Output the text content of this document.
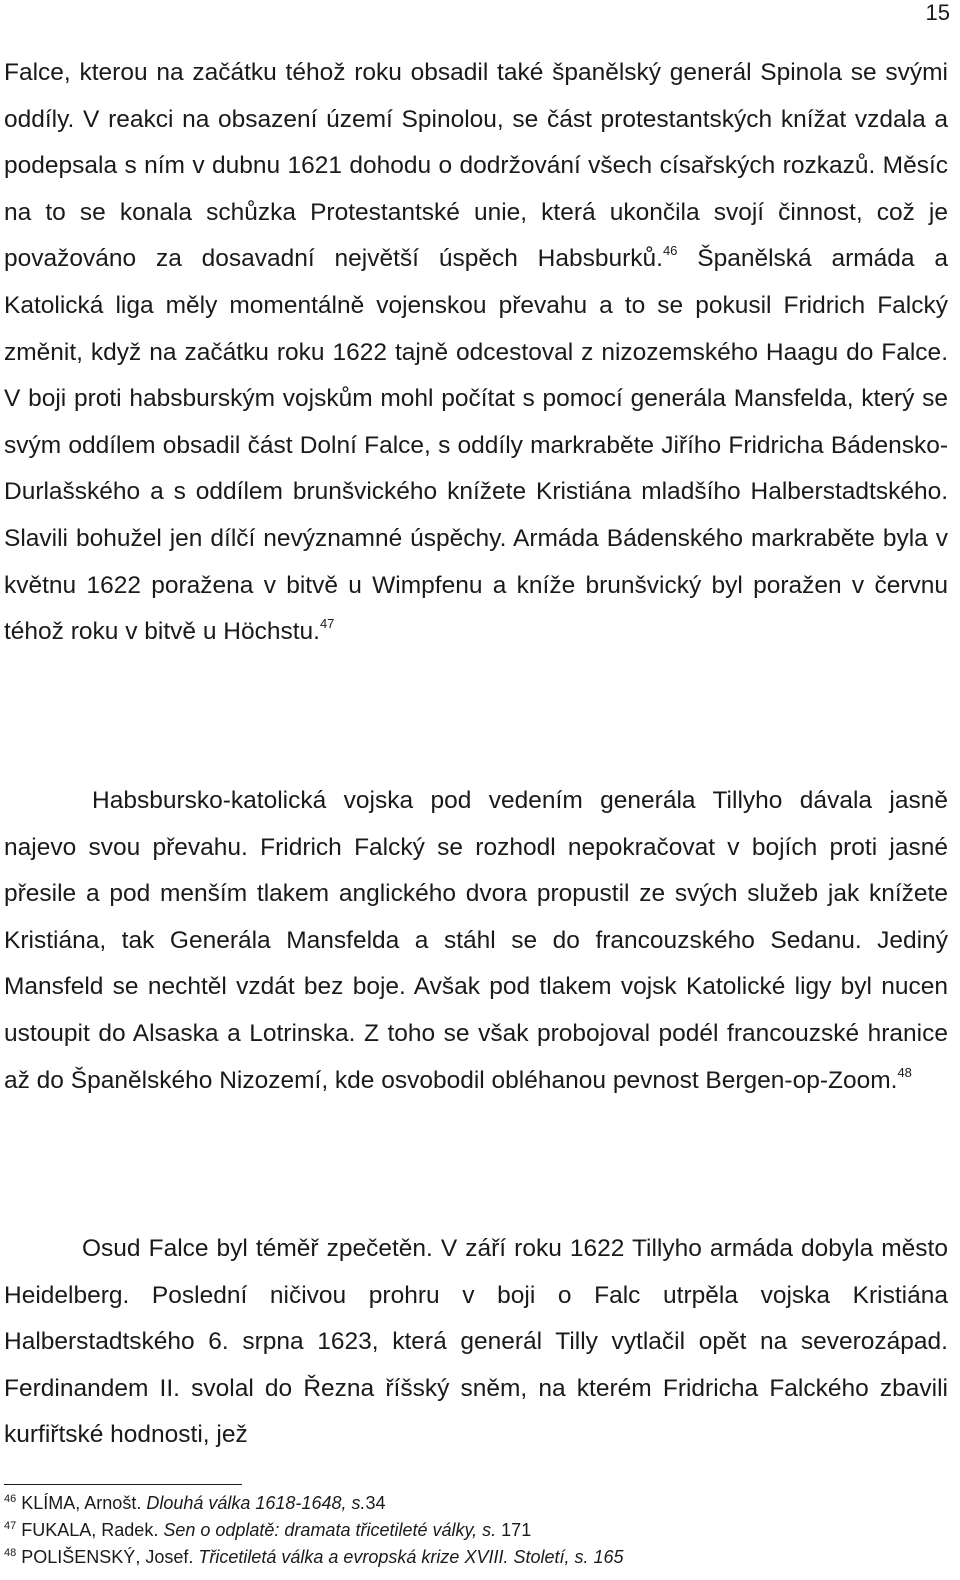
15

Falce, kterou na začátku téhož roku obsadil také španělský generál Spinola se svými oddíly. V reakci na obsazení území Spinolou, se část protestantských knížat vzdala a podepsala s ním v dubnu 1621 dohodu o dodržování všech císařských rozkazů. Měsíc na to se konala schůzka Protestantské unie, která ukončila svojí činnost, což je považováno za dosavadní největší úspěch Habsburků.$^{46}$ Španělská armáda a Katolická liga měly momentálně vojenskou převahu a to se pokusil Fridrich Falcký změnit, když na začátku roku 1622 tajně odcestoval z nizozemského Haagu do Falce. V boji proti habsburským vojskům mohl počítat s pomocí generála Mansfelda, který se svým oddílem obsadil část Dolní Falce, s oddíly markraběte Jiřího Fridricha Bádensko-Durlašského a s oddílem brunšvického knížete Kristiána mladšího Halberstadtského. Slavili bohužel jen dílčí nevýznamné úspěchy. Armáda Bádenského markraběte byla v květnu 1622 poražena v bitvě u Wimpfenu a kníže brunšvický byl poražen v červnu téhož roku v bitvě u Höchstu.$^{47}$

Habsbursko-katolická vojska pod vedením generála Tillyho dávala jasně najevo svou převahu. Fridrich Falcký se rozhodl nepokračovat v bojích proti jasné přesile a pod menším tlakem anglického dvora propustil ze svých služeb jak knížete Kristiána, tak Generála Mansfelda a stáhl se do francouzského Sedanu. Jediný Mansfeld se nechtěl vzdát bez boje. Avšak pod tlakem vojsk Katolické ligy byl nucen ustoupit do Alsaska a Lotrinska. Z toho se však probojoval podél francouzské hranice až do Španělského Nizozemí, kde osvobodil obléhanou pevnost Bergen-op-Zoom.$^{48}$

Osud Falce byl téměř zpečetěn. V září roku 1622 Tillyho armáda dobyla město Heidelberg. Poslední ničivou prohru v boji o Falc utrpěla vojska Kristiána Halberstadtského 6. srpna 1623, která generál Tilly vytlačil opět na severozápad. Ferdinandem II. svolal do Řezna říšský sněm, na kterém Fridricha Falckého zbavili kurfiřtské hodnosti, jež

$^{46}$ KLÍMA, Arnošt. Dlouhá válka 1618-1648, s.34
$^{47}$ FUKALA, Radek. Sen o odplatě: dramata třicetileté války, s. 171
$^{48}$ POLIŠENSKÝ, Josef. Třicetiletá válka a evropská krize XVIII. Století, s. 165
